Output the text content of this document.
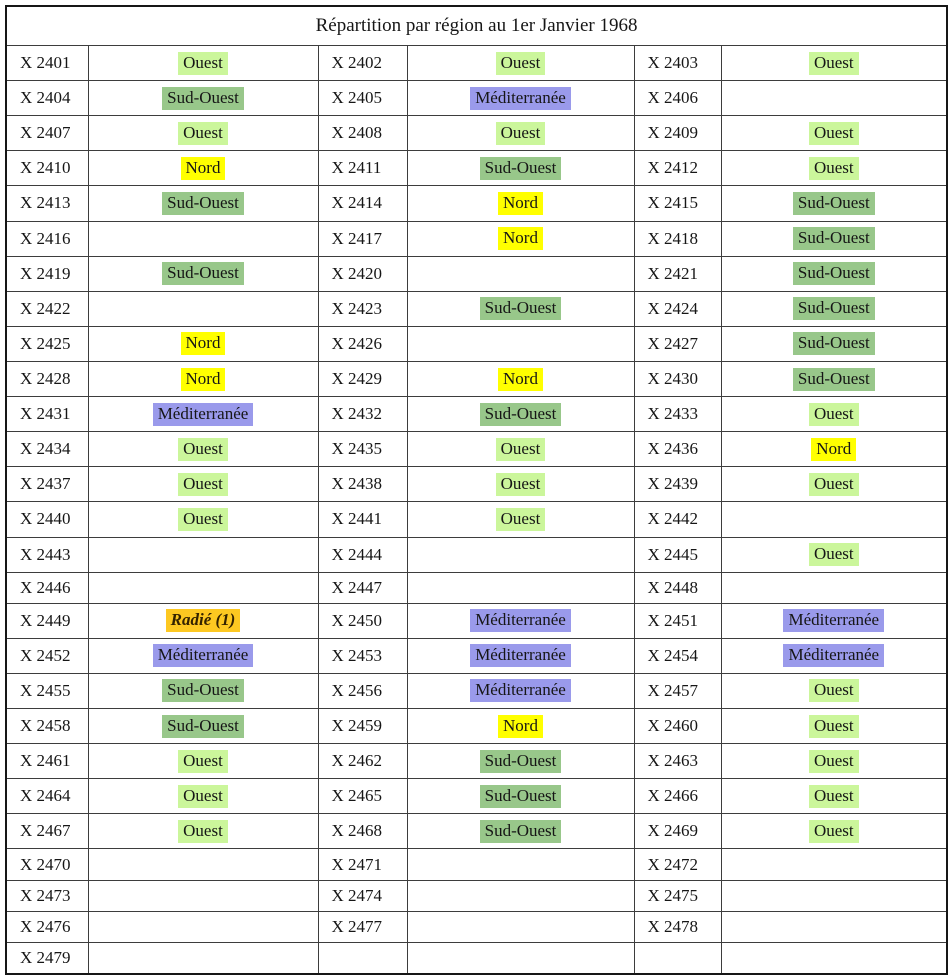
Répartition par région au 1er Janvier 1968					
X 2401	Ouest	X 2402	Ouest	X 2403	Ouest
X 2404	Sud-Ouest	X 2405	Méditerranée	X 2406	
X 2407	Ouest	X 2408	Ouest	X 2409	Ouest
X 2410	Nord	X 2411	Sud-Ouest	X 2412	Ouest
X 2413	Sud-Ouest	X 2414	Nord	X 2415	Sud-Ouest
X 2416		X 2417	Nord	X 2418	Sud-Ouest
X 2419	Sud-Ouest	X 2420		X 2421	Sud-Ouest
X 2422		X 2423	Sud-Ouest	X 2424	Sud-Ouest
X 2425	Nord	X 2426		X 2427	Sud-Ouest
X 2428	Nord	X 2429	Nord	X 2430	Sud-Ouest
X 2431	Méditerranée	X 2432	Sud-Ouest	X 2433	Ouest
X 2434	Ouest	X 2435	Ouest	X 2436	Nord
X 2437	Ouest	X 2438	Ouest	X 2439	Ouest
X 2440	Ouest	X 2441	Ouest	X 2442	
X 2443		X 2444		X 2445	Ouest
X 2446		X 2447		X 2448	
X 2449	Radié (1)	X 2450	Méditerranée	X 2451	Méditerranée
X 2452	Méditerranée	X 2453	Méditerranée	X 2454	Méditerranée
X 2455	Sud-Ouest	X 2456	Méditerranée	X 2457	Ouest
X 2458	Sud-Ouest	X 2459	Nord	X 2460	Ouest
X 2461	Ouest	X 2462	Sud-Ouest	X 2463	Ouest
X 2464	Ouest	X 2465	Sud-Ouest	X 2466	Ouest
X 2467	Ouest	X 2468	Sud-Ouest	X 2469	Ouest
X 2470		X 2471		X 2472	
X 2473		X 2474		X 2475	
X 2476		X 2477		X 2478	
X 2479					
